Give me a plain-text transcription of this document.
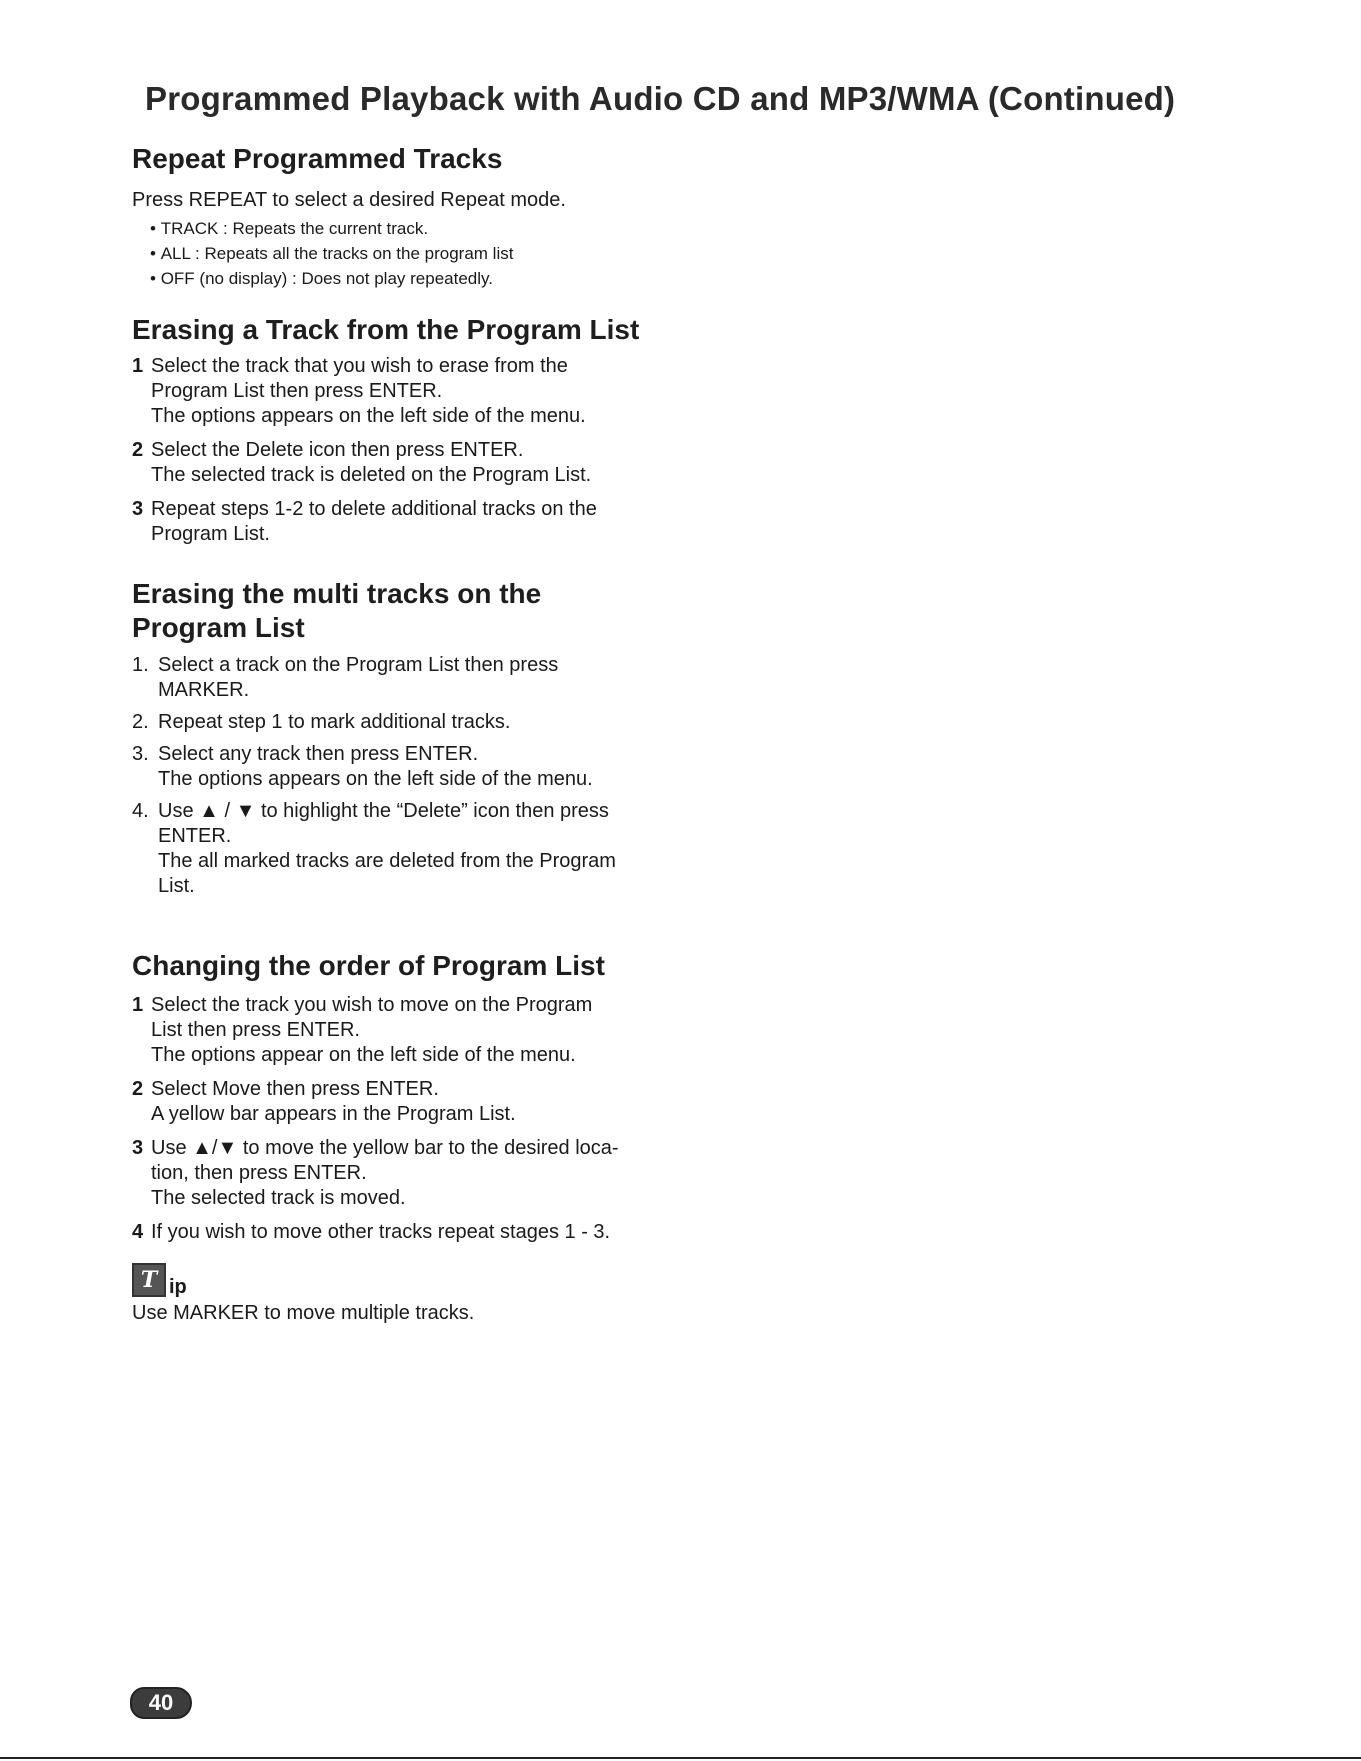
Programmed Playback with Audio CD and MP3/WMA (Continued)
Repeat Programmed Tracks

Press REPEAT to select a desired Repeat mode.

• TRACK : Repeats the current track.
• ALL : Repeats all the tracks on the program list
• OFF (no display) : Does not play repeatedly.
Erasing a Track from the Program List
1 Select the track that you wish to erase from the
Program List then press ENTER.
The options appears on the left side of the menu.
2 Select the Delete icon then press ENTER.
The selected track is deleted on the Program List.
3 Repeat steps 1-2 to delete additional tracks on the
Program List.
Erasing the multi tracks on the
Program List
1. Select a track on the Program List then press
MARKER.
2. Repeat step 1 to mark additional tracks.
3. Select any track then press ENTER.
The options appears on the left side of the menu.
4. Use ▲ / ▼ to highlight the “Delete” icon then press
ENTER.
The all marked tracks are deleted from the Program
List.
Changing the order of Program List
1 Select the track you wish to move on the Program
List then press ENTER.
The options appear on the left side of the menu.
2 Select Move then press ENTER.
A yellow bar appears in the Program List.
3 Use ▲/▼ to move the yellow bar to the desired loca-
tion, then press ENTER.
The selected track is moved.
4 If you wish to move other tracks repeat stages 1 - 3.
T ip

Use MARKER to move multiple tracks.

40
